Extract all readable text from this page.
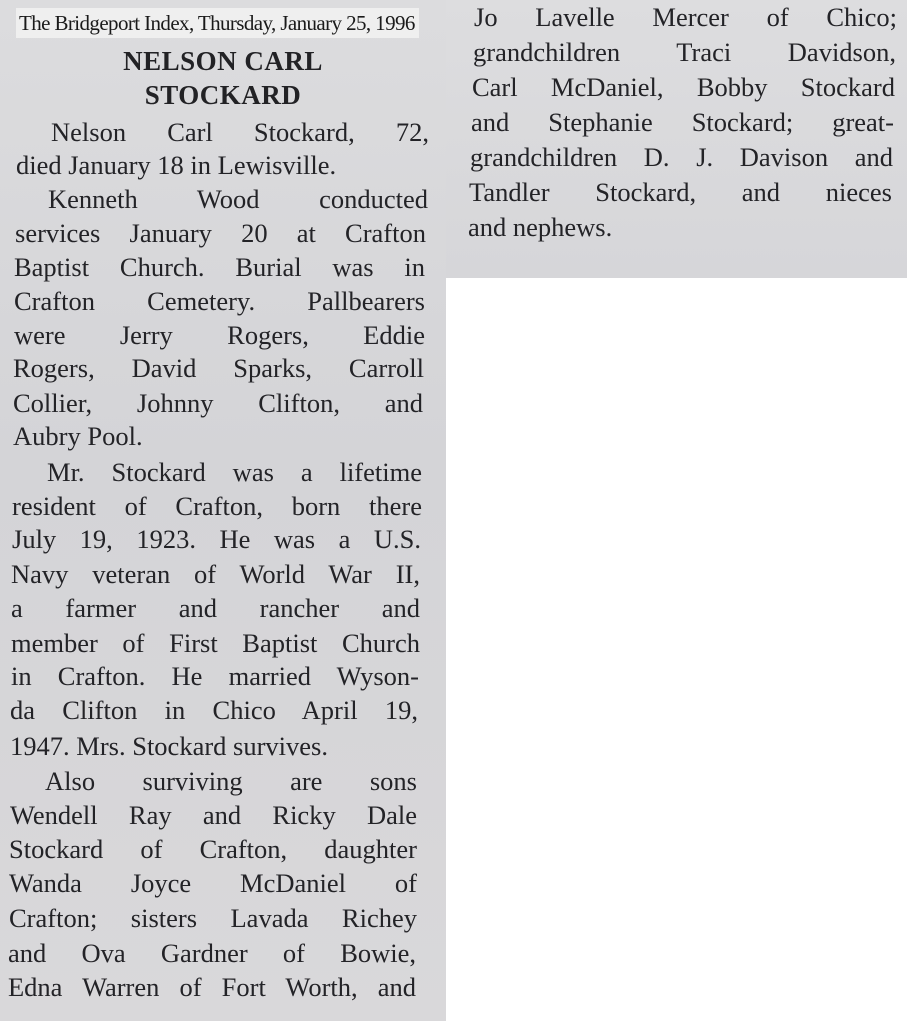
The Bridgeport Index, Thursday, January 25, 1996
NELSON CARL
STOCKARD
Nelson Carl Stockard, 72,
died January 18 in Lewisville.
Kenneth Wood conducted
services January 20 at Crafton
Baptist Church. Burial was in
Crafton Cemetery. Pallbearers
were Jerry Rogers, Eddie
Rogers, David Sparks, Carroll
Collier, Johnny Clifton, and
Aubry Pool.
Mr. Stockard was a lifetime
resident of Crafton, born there
July 19, 1923. He was a U.S.
Navy veteran of World War II,
a farmer and rancher and
member of First Baptist Church
in Crafton. He married Wyson-
da Clifton in Chico April 19,
1947. Mrs. Stockard survives.
Also surviving are sons
Wendell Ray and Ricky Dale
Stockard of Crafton, daughter
Wanda Joyce McDaniel of
Crafton; sisters Lavada Richey
and Ova Gardner of Bowie,
Edna Warren of Fort Worth, and
Jo Lavelle Mercer of Chico;
grandchildren Traci Davidson,
Carl McDaniel, Bobby Stockard
and Stephanie Stockard; great-
grandchildren D. J. Davison and
Tandler Stockard, and nieces
and nephews.
